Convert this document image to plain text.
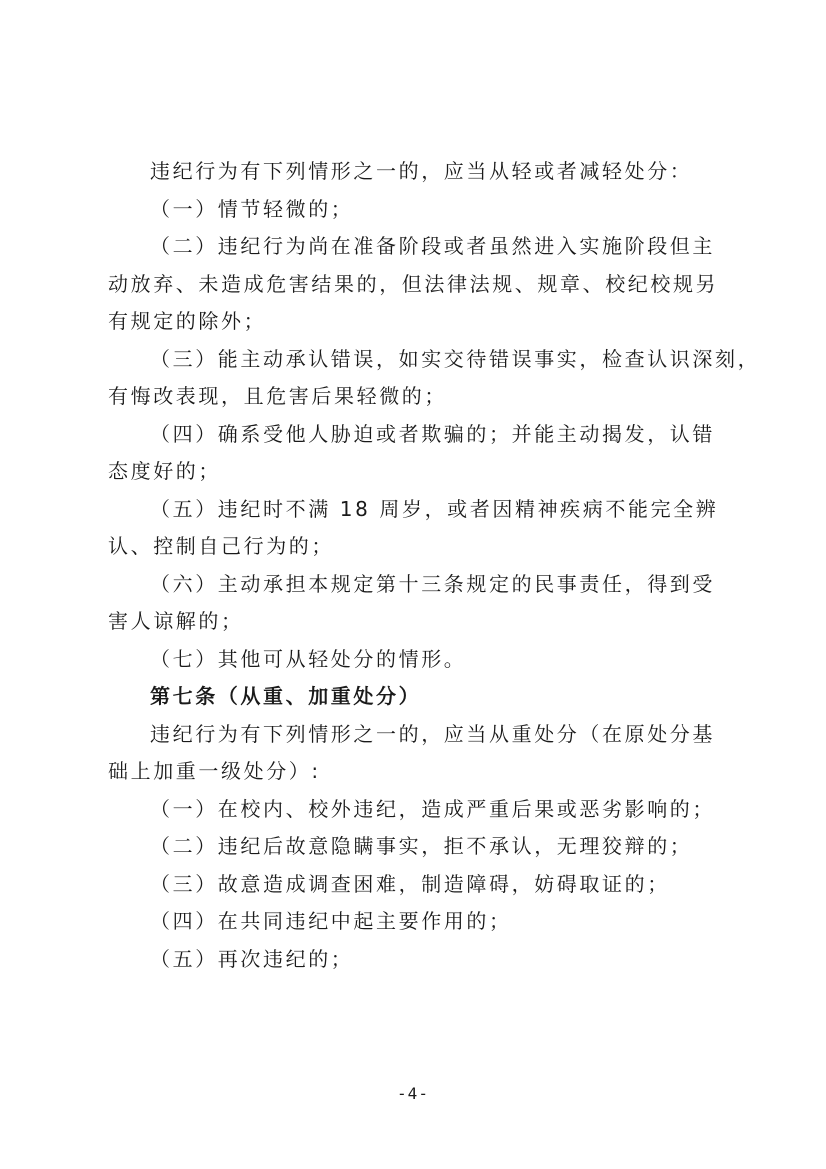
违纪行为有下列情形之一的，应当从轻或者减轻处分：
（一）情节轻微的；
（二）违纪行为尚在准备阶段或者虽然进入实施阶段但主
动放弃、未造成危害结果的，但法律法规、规章、校纪校规另
有规定的除外；
（三）能主动承认错误，如实交待错误事实，检查认识深刻，
有悔改表现，且危害后果轻微的；
（四）确系受他人胁迫或者欺骗的；并能主动揭发，认错
态度好的；
（五）违纪时不满 18 周岁，或者因精神疾病不能完全辨
认、控制自己行为的；
（六）主动承担本规定第十三条规定的民事责任，得到受
害人谅解的；
（七）其他可从轻处分的情形。
第七条（从重、加重处分）
违纪行为有下列情形之一的，应当从重处分（在原处分基
础上加重一级处分）:
（一）在校内、校外违纪，造成严重后果或恶劣影响的；
（二）违纪后故意隐瞒事实，拒不承认，无理狡辩的；
（三）故意造成调查困难，制造障碍，妨碍取证的；
（四）在共同违纪中起主要作用的；
（五）再次违纪的；
-4-
